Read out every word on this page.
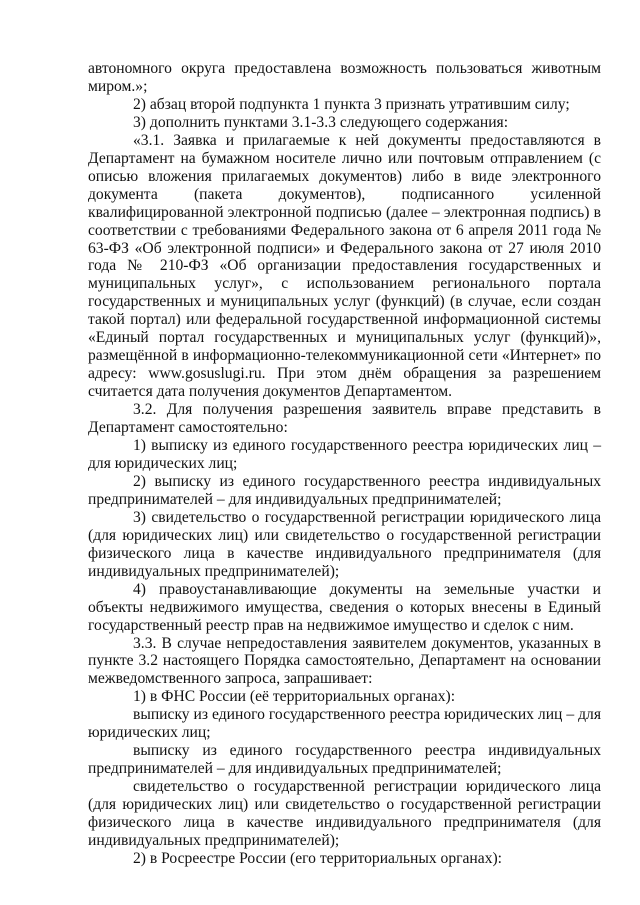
автономного округа предоставлена возможность пользоваться животным миром.»;

2) абзац второй подпункта 1 пункта 3 признать утратившим силу;

3) дополнить пунктами 3.1-3.3 следующего содержания:

«3.1. Заявка и прилагаемые к ней документы предоставляются в Департамент на бумажном носителе лично или почтовым отправлением (с описью вложения прилагаемых документов) либо в виде электронного документа (пакета документов), подписанного усиленной квалифицированной электронной подписью (далее – электронная подпись) в соответствии с требованиями Федерального закона от 6 апреля 2011 года № 63-ФЗ «Об электронной подписи» и Федерального закона от 27 июля 2010 года № 210-ФЗ «Об организации предоставления государственных и муниципальных услуг», с использованием регионального портала государственных и муниципальных услуг (функций) (в случае, если создан такой портал) или федеральной государственной информационной системы «Единый портал государственных и муниципальных услуг (функций)», размещённой в информационно-телекоммуникационной сети «Интернет» по адресу: www.gosuslugi.ru. При этом днём обращения за разрешением считается дата получения документов Департаментом.

3.2. Для получения разрешения заявитель вправе представить в Департамент самостоятельно:

1) выписку из единого государственного реестра юридических лиц – для юридических лиц;

2) выписку из единого государственного реестра индивидуальных предпринимателей – для индивидуальных предпринимателей;

3) свидетельство о государственной регистрации юридического лица (для юридических лиц) или свидетельство о государственной регистрации физического лица в качестве индивидуального предпринимателя (для индивидуальных предпринимателей);

4) правоустанавливающие документы на земельные участки и объекты недвижимого имущества, сведения о которых внесены в Единый государственный реестр прав на недвижимое имущество и сделок с ним.

3.3. В случае непредоставления заявителем документов, указанных в пункте 3.2 настоящего Порядка самостоятельно, Департамент на основании межведомственного запроса, запрашивает:

1) в ФНС России (её территориальных органах):

выписку из единого государственного реестра юридических лиц – для юридических лиц;

выписку из единого государственного реестра индивидуальных предпринимателей – для индивидуальных предпринимателей;

свидетельство о государственной регистрации юридического лица (для юридических лиц) или свидетельство о государственной регистрации физического лица в качестве индивидуального предпринимателя (для индивидуальных предпринимателей);

2) в Росреестре России (его территориальных органах):
